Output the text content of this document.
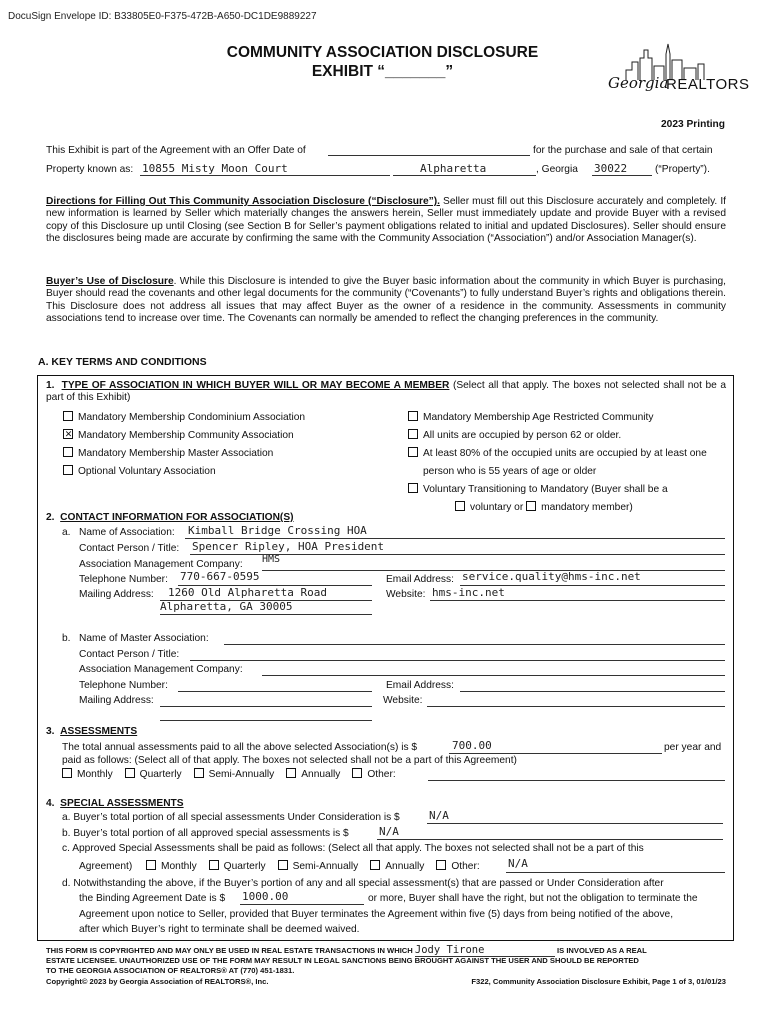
DocuSign Envelope ID: B33805E0-F375-472B-A650-DC1DE9889227
COMMUNITY ASSOCIATION DISCLOSURE
EXHIBIT “_______”
Georgia
REALTORS
2023 Printing
This Exhibit is part of the Agreement with an Offer Date of	for the purchase and sale of that certain
Property known as: 10855 Misty Moon Court	Alpharetta	, Georgia 30022	(“Property”).
Directions for Filling Out This Community Association Disclosure (“Disclosure”). Seller must fill out this Disclosure accurately and completely. If new information is learned by Seller which materially changes the answers herein, Seller must immediately update and provide Buyer with a revised copy of this Disclosure up until Closing (see Section B for Seller’s payment obligations related to initial and updated Disclosures). Seller should ensure the disclosures being made are accurate by confirming the same with the Community Association (“Association”) and/or Association Manager(s).
Buyer’s Use of Disclosure. While this Disclosure is intended to give the Buyer basic information about the community in which Buyer is purchasing, Buyer should read the covenants and other legal documents for the community (“Covenants”) to fully understand Buyer’s rights and obligations therein. This Disclosure does not address all issues that may affect Buyer as the owner of a residence in the community. Assessments in community associations tend to increase over time. The Covenants can normally be amended to reflect the changing preferences in the community.
A. KEY TERMS AND CONDITIONS
1. TYPE OF ASSOCIATION IN WHICH BUYER WILL OR MAY BECOME A MEMBER (Select all that apply. The boxes not selected shall not be a part of this Exhibit)
Mandatory Membership Condominium Association
✕Mandatory Membership Community Association
Mandatory Membership Master Association
Optional Voluntary Association
Mandatory Membership Age Restricted Community
All units are occupied by person 62 or older.
At least 80% of the occupied units are occupied by at least one
person who is 55 years of age or older
Voluntary Transitioning to Mandatory (Buyer shall be a
voluntary or mandatory member)
2. CONTACT INFORMATION FOR ASSOCIATION(S)
a. Name of Association: Kimball Bridge Crossing HOA
Contact Person / Title: Spencer Ripley, HOA President
Association Management Company: HMS
Telephone Number: 770-667-0595	Email Address: service.quality@hms-inc.net
Mailing Address: 1260 Old Alpharetta Road
Alpharetta, GA 30005
Website: hms-inc.net
b. Name of Master Association:
Contact Person / Title:
Association Management Company:
Telephone Number:	Email Address:
Mailing Address:	Website:
3. ASSESSMENTS
The total annual assessments paid to all the above selected Association(s) is $	700.00	per year and
paid as follows: (Select all of that apply. The boxes not selected shall not be a part of this Agreement)
Monthly	Quarterly	Semi-Annually	Annually	Other:
4. SPECIAL ASSESSMENTS
a. Buyer’s total portion of all special assessments Under Consideration is $	N/A
b. Buyer’s total portion of all approved special assessments is $	N/A
c. Approved Special Assessments shall be paid as follows: (Select all that apply. The boxes not selected shall not be a part of this
Agreement)	Monthly	Quarterly	Semi-Annually	Annually	Other:	N/A
d. Notwithstanding the above, if the Buyer’s portion of any and all special assessment(s) that are passed or Under Consideration after
the Binding Agreement Date is $ 1000.00	or more, Buyer shall have the right, but not the obligation to terminate the
Agreement upon notice to Seller, provided that Buyer terminates the Agreement within five (5) days from being notified of the above,
after which Buyer’s right to terminate shall be deemed waived.
THIS FORM IS COPYRIGHTED AND MAY ONLY BE USED IN REAL ESTATE TRANSACTIONS IN WHICH Jody Tirone	IS INVOLVED AS A REAL
ESTATE LICENSEE. UNAUTHORIZED USE OF THE FORM MAY RESULT IN LEGAL SANCTIONS BEING BROUGHT AGAINST THE USER AND SHOULD BE REPORTED
TO THE GEORGIA ASSOCIATION OF REALTORS® AT (770) 451-1831.
Copyright© 2023 by Georgia Association of REALTORS®, Inc.	F322, Community Association Disclosure Exhibit, Page 1 of 3, 01/01/23
